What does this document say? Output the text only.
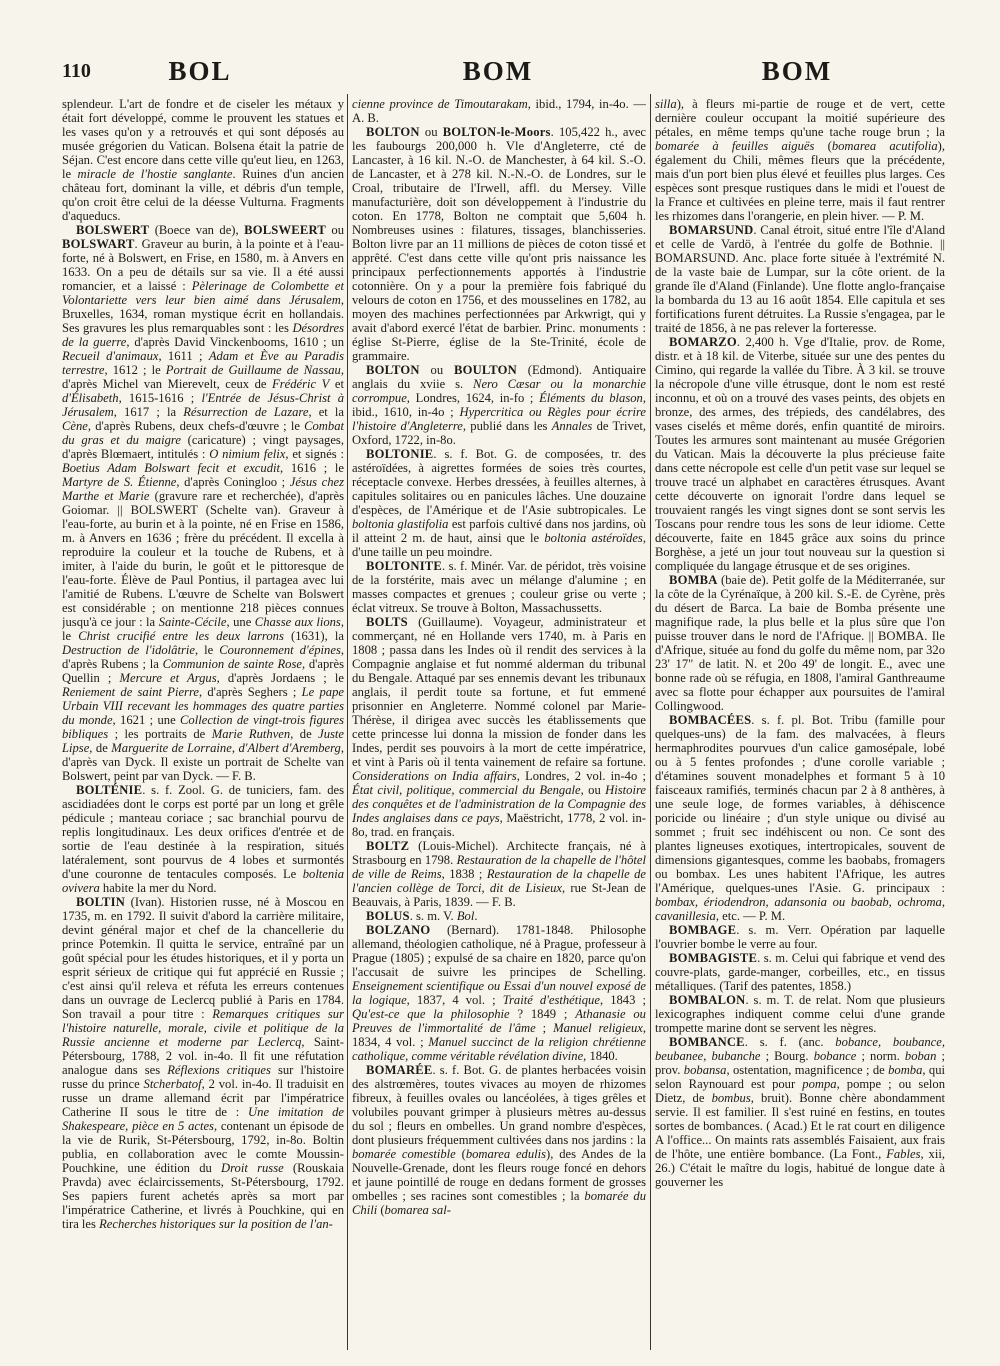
110	BOL	BOM	BOM

splendeur. L'art de fondre et de ciseler les métaux y était fort développé, comme le prouvent les statues et les vases qu'on y a retrouvés et qui sont déposés au musée grégorien du Vatican. Bolsena était la patrie de Séjan. C'est encore dans cette ville qu'eut lieu, en 1263, le miracle de l'hostie sanglante. Ruines d'un ancien château fort, dominant la ville, et débris d'un temple, qu'on croit être celui de la déesse Vulturna. Fragments d'aqueducs.

BOLSWERT (Boece van de), BOLSWEERT ou BOLSWART. Graveur au burin, à la pointe et à l'eau-forte, né à Bolswert, en Frise, en 1580, m. à Anvers en 1633. On a peu de détails sur sa vie. Il a été aussi romancier, et a laissé : Pèlerinage de Colombette et Volontariette vers leur bien aimé dans Jérusalem, Bruxelles, 1634, roman mystique écrit en hollandais. Ses gravures les plus remarquables sont : les Désordres de la guerre, d'après David Vinckenbooms, 1610 ; un Recueil d'animaux, 1611 ; Adam et Ève au Paradis terrestre, 1612 ; le Portrait de Guillaume de Nassau, d'après Michel van Mierevelt, ceux de Frédéric V et d'Élisabeth, 1615-1616 ; l'Entrée de Jésus-Christ à Jérusalem, 1617 ; la Résurrection de Lazare, et la Cène, d'après Rubens, deux chefs-d'œuvre ; le Combat du gras et du maigre (caricature) ; vingt paysages, d'après Blœmaert, intitulés : O nimium felix, et signés : Boetius Adam Bolswart fecit et excudit, 1616 ; le Martyre de S. Étienne, d'après Coningloo ; Jésus chez Marthe et Marie (gravure rare et recherchée), d'après Goiomar. || BOLSWERT (Schelte van). Graveur à l'eau-forte, au burin et à la pointe, né en Frise en 1586, m. à Anvers en 1636 ; frère du précédent. Il excella à reproduire la couleur et la touche de Rubens, et à imiter, à l'aide du burin, le goût et le pittoresque de l'eau-forte. Élève de Paul Pontius, il partagea avec lui l'amitié de Rubens. L'œuvre de Schelte van Bolswert est considérable ; on mentionne 218 pièces connues jusqu'à ce jour : la Sainte-Cécile, une Chasse aux lions, le Christ crucifié entre les deux larrons (1631), la Destruction de l'idolâtrie, le Couronnement d'épines, d'après Rubens ; la Communion de sainte Rose, d'après Quellin ; Mercure et Argus, d'après Jordaens ; le Reniement de saint Pierre, d'après Seghers ; Le pape Urbain VIII recevant les hommages des quatre parties du monde, 1621 ; une Collection de vingt-trois figures bibliques ; les portraits de Marie Ruthven, de Juste Lipse, de Marguerite de Lorraine, d'Albert d'Aremberg, d'après van Dyck. Il existe un portrait de Schelte van Bolswert, peint par van Dyck. — F. B.

BOLTÉNIE. s. f. Zool. G. de tuniciers, fam. des ascidiadées dont le corps est porté par un long et grêle pédicule ; manteau coriace ; sac branchial pourvu de replis longitudinaux. Les deux orifices d'entrée et de sortie de l'eau destinée à la respiration, situés latéralement, sont pourvus de 4 lobes et surmontés d'une couronne de tentacules composés. Le boltenia ovivera habite la mer du Nord.

BOLTIN (Ivan). Historien russe, né à Moscou en 1735, m. en 1792. Il suivit d'abord la carrière militaire, devint général major et chef de la chancellerie du prince Potemkin. Il quitta le service, entraîné par un goût spécial pour les études historiques, et il y porta un esprit sérieux de critique qui fut apprécié en Russie ; c'est ainsi qu'il releva et réfuta les erreurs contenues dans un ouvrage de Leclercq publié à Paris en 1784. Son travail a pour titre : Remarques critiques sur l'histoire naturelle, morale, civile et politique de la Russie ancienne et moderne par Leclercq, Saint-Pétersbourg, 1788, 2 vol. in-4o. Il fit une réfutation analogue dans ses Réflexions critiques sur l'histoire russe du prince Stcherbatof, 2 vol. in-4o. Il traduisit en russe un drame allemand écrit par l'impératrice Catherine II sous le titre de : Une imitation de Shakespeare, pièce en 5 actes, contenant un épisode de la vie de Rurik, St-Pétersbourg, 1792, in-8o. Boltin publia, en collaboration avec le comte Moussin-Pouchkine, une édition du Droit russe (Rouskaia Pravda) avec éclaircissements, St-Pétersbourg, 1792. Ses papiers furent achetés après sa mort par l'impératrice Catherine, et livrés à Pouchkine, qui en tira les Recherches historiques sur la position de l'an-

cienne province de Timoutarakam, ibid., 1794, in-4o. — A. B.

BOLTON ou BOLTON-le-Moors. 105,422 h., avec les faubourgs 200,000 h. Vle d'Angleterre, cté de Lancaster, à 16 kil. N.-O. de Manchester, à 64 kil. S.-O. de Lancaster, et à 278 kil. N.-N.-O. de Londres, sur le Croal, tributaire de l'Irwell, affl. du Mersey. Ville manufacturière, doit son développement à l'industrie du coton. En 1778, Bolton ne comptait que 5,604 h. Nombreuses usines : filatures, tissages, blanchisseries. Bolton livre par an 11 millions de pièces de coton tissé et apprêté. C'est dans cette ville qu'ont pris naissance les principaux perfectionnements apportés à l'industrie cotonnière. On y a pour la première fois fabriqué du velours de coton en 1756, et des mousselines en 1782, au moyen des machines perfectionnées par Arkwrigt, qui y avait d'abord exercé l'état de barbier. Princ. monuments : église St-Pierre, église de la Ste-Trinité, école de grammaire.

BOLTON ou BOULTON (Edmond). Antiquaire anglais du xviie s. Nero Cæsar ou la monarchie corrompue, Londres, 1624, in-fo ; Éléments du blason, ibid., 1610, in-4o ; Hypercritica ou Règles pour écrire l'histoire d'Angleterre, publié dans les Annales de Trivet, Oxford, 1722, in-8o.

BOLTONIE. s. f. Bot. G. de composées, tr. des astéroïdées, à aigrettes formées de soies très courtes, réceptacle convexe. Herbes dressées, à feuilles alternes, à capitules solitaires ou en panicules lâches. Une douzaine d'espèces, de l'Amérique et de l'Asie subtropicales. Le boltonia glastifolia est parfois cultivé dans nos jardins, où il atteint 2 m. de haut, ainsi que le boltonia astéroïdes, d'une taille un peu moindre.

BOLTONITE. s. f. Minér. Var. de péridot, très voisine de la forstérite, mais avec un mélange d'alumine ; en masses compactes et grenues ; couleur grise ou verte ; éclat vitreux. Se trouve à Bolton, Massachussetts.

BOLTS (Guillaume). Voyageur, administrateur et commerçant, né en Hollande vers 1740, m. à Paris en 1808 ; passa dans les Indes où il rendit des services à la Compagnie anglaise et fut nommé alderman du tribunal du Bengale. Attaqué par ses ennemis devant les tribunaux anglais, il perdit toute sa fortune, et fut emmené prisonnier en Angleterre. Nommé colonel par Marie-Thérèse, il dirigea avec succès les établissements que cette princesse lui donna la mission de fonder dans les Indes, perdit ses pouvoirs à la mort de cette impératrice, et vint à Paris où il tenta vainement de refaire sa fortune. Considerations on India affairs, Londres, 2 vol. in-4o ; État civil, politique, commercial du Bengale, ou Histoire des conquêtes et de l'administration de la Compagnie des Indes anglaises dans ce pays, Maëstricht, 1778, 2 vol. in-8o, trad. en français.

BOLTZ (Louis-Michel). Architecte français, né à Strasbourg en 1798. Restauration de la chapelle de l'hôtel de ville de Reims, 1838 ; Restauration de la chapelle de l'ancien collège de Torci, dit de Lisieux, rue St-Jean de Beauvais, à Paris, 1839. — F. B.

BOLUS. s. m. V. Bol.

BOLZANO (Bernard). 1781-1848. Philosophe allemand, théologien catholique, né à Prague, professeur à Prague (1805) ; expulsé de sa chaire en 1820, parce qu'on l'accusait de suivre les principes de Schelling. Enseignement scientifique ou Essai d'un nouvel exposé de la logique, 1837, 4 vol. ; Traité d'esthétique, 1843 ; Qu'est-ce que la philosophie ? 1849 ; Athanasie ou Preuves de l'immortalité de l'âme ; Manuel religieux, 1834, 4 vol. ; Manuel succinct de la religion chrétienne catholique, comme véritable révélation divine, 1840.

BOMARÉE. s. f. Bot. G. de plantes herbacées voisin des alstrœmères, toutes vivaces au moyen de rhizomes fibreux, à feuilles ovales ou lancéolées, à tiges grêles et volubiles pouvant grimper à plusieurs mètres au-dessus du sol ; fleurs en ombelles. Un grand nombre d'espèces, dont plusieurs fréquemment cultivées dans nos jardins : la bomarée comestible (bomarea edulis), des Andes de la Nouvelle-Grenade, dont les fleurs rouge foncé en dehors et jaune pointillé de rouge en dedans forment de grosses ombelles ; ses racines sont comestibles ; la bomarée du Chili (bomarea sal-

silla), à fleurs mi-partie de rouge et de vert, cette dernière couleur occupant la moitié supérieure des pétales, en même temps qu'une tache rouge brun ; la bomarée à feuilles aiguës (bomarea acutifolia), également du Chili, mêmes fleurs que la précédente, mais d'un port bien plus élevé et feuilles plus larges. Ces espèces sont presque rustiques dans le midi et l'ouest de la France et cultivées en pleine terre, mais il faut rentrer les rhizomes dans l'orangerie, en plein hiver. — P. M.

BOMARSUND. Canal étroit, situé entre l'île d'Aland et celle de Vardö, à l'entrée du golfe de Bothnie. || BOMARSUND. Anc. place forte située à l'extrémité N. de la vaste baie de Lumpar, sur la côte orient. de la grande île d'Aland (Finlande). Une flotte anglo-française la bombarda du 13 au 16 août 1854. Elle capitula et ses fortifications furent détruites. La Russie s'engagea, par le traité de 1856, à ne pas relever la forteresse.

BOMARZO. 2,400 h. Vge d'Italie, prov. de Rome, distr. et à 18 kil. de Viterbe, située sur une des pentes du Cimino, qui regarde la vallée du Tibre. À 3 kil. se trouve la nécropole d'une ville étrusque, dont le nom est resté inconnu, et où on a trouvé des vases peints, des objets en bronze, des armes, des trépieds, des candélabres, des vases ciselés et même dorés, enfin quantité de miroirs. Toutes les armures sont maintenant au musée Grégorien du Vatican. Mais la découverte la plus précieuse faite dans cette nécropole est celle d'un petit vase sur lequel se trouve tracé un alphabet en caractères étrusques. Avant cette découverte on ignorait l'ordre dans lequel se trouvaient rangés les vingt signes dont se sont servis les Toscans pour rendre tous les sons de leur idiome. Cette découverte, faite en 1845 grâce aux soins du prince Borghèse, a jeté un jour tout nouveau sur la question si compliquée du langage étrusque et de ses origines.

BOMBA (baie de). Petit golfe de la Méditerranée, sur la côte de la Cyrénaïque, à 200 kil. S.-E. de Cyrène, près du désert de Barca. La baie de Bomba présente une magnifique rade, la plus belle et la plus sûre que l'on puisse trouver dans le nord de l'Afrique. || BOMBA. Ile d'Afrique, située au fond du golfe du même nom, par 32o 23' 17" de latit. N. et 20o 49' de longit. E., avec une bonne rade où se réfugia, en 1808, l'amiral Ganthreaume avec sa flotte pour échapper aux poursuites de l'amiral Collingwood.

BOMBACÉES. s. f. pl. Bot. Tribu (famille pour quelques-uns) de la fam. des malvacées, à fleurs hermaphrodites pourvues d'un calice gamosépale, lobé ou à 5 fentes profondes ; d'une corolle variable ; d'étamines souvent monadelphes et formant 5 à 10 faisceaux ramifiés, terminés chacun par 2 à 8 anthères, à une seule loge, de formes variables, à déhiscence poricide ou linéaire ; d'un style unique ou divisé au sommet ; fruit sec indéhiscent ou non. Ce sont des plantes ligneuses exotiques, intertropicales, souvent de dimensions gigantesques, comme les baobabs, fromagers ou bombax. Les unes habitent l'Afrique, les autres l'Amérique, quelques-unes l'Asie. G. principaux : bombax, ériodendron, adansonia ou baobab, ochroma, cavanillesia, etc. — P. M.

BOMBAGE. s. m. Verr. Opération par laquelle l'ouvrier bombe le verre au four.

BOMBAGISTE. s. m. Celui qui fabrique et vend des couvre-plats, garde-manger, corbeilles, etc., en tissus métalliques. (Tarif des patentes, 1858.)

BOMBALON. s. m. T. de relat. Nom que plusieurs lexicographes indiquent comme celui d'une grande trompette marine dont se servent les nègres.

BOMBANCE. s. f. (anc. bobance, boubance, beubanee, bubanche ; Bourg. bobance ; norm. boban ; prov. bobansa, ostentation, magnificence ; de bomba, qui selon Raynouard est pour pompa, pompe ; ou selon Dietz, de bombus, bruit). Bonne chère abondamment servie. Il est familier. Il s'est ruiné en festins, en toutes sortes de bombances. ( Acad.) Et le rat court en diligence A l'office... On maints rats assemblés Faisaient, aux frais de l'hôte, une entière bombance. (La Font., Fables, xii, 26.) C'était le maître du logis, habitué de longue date à gouverner les
